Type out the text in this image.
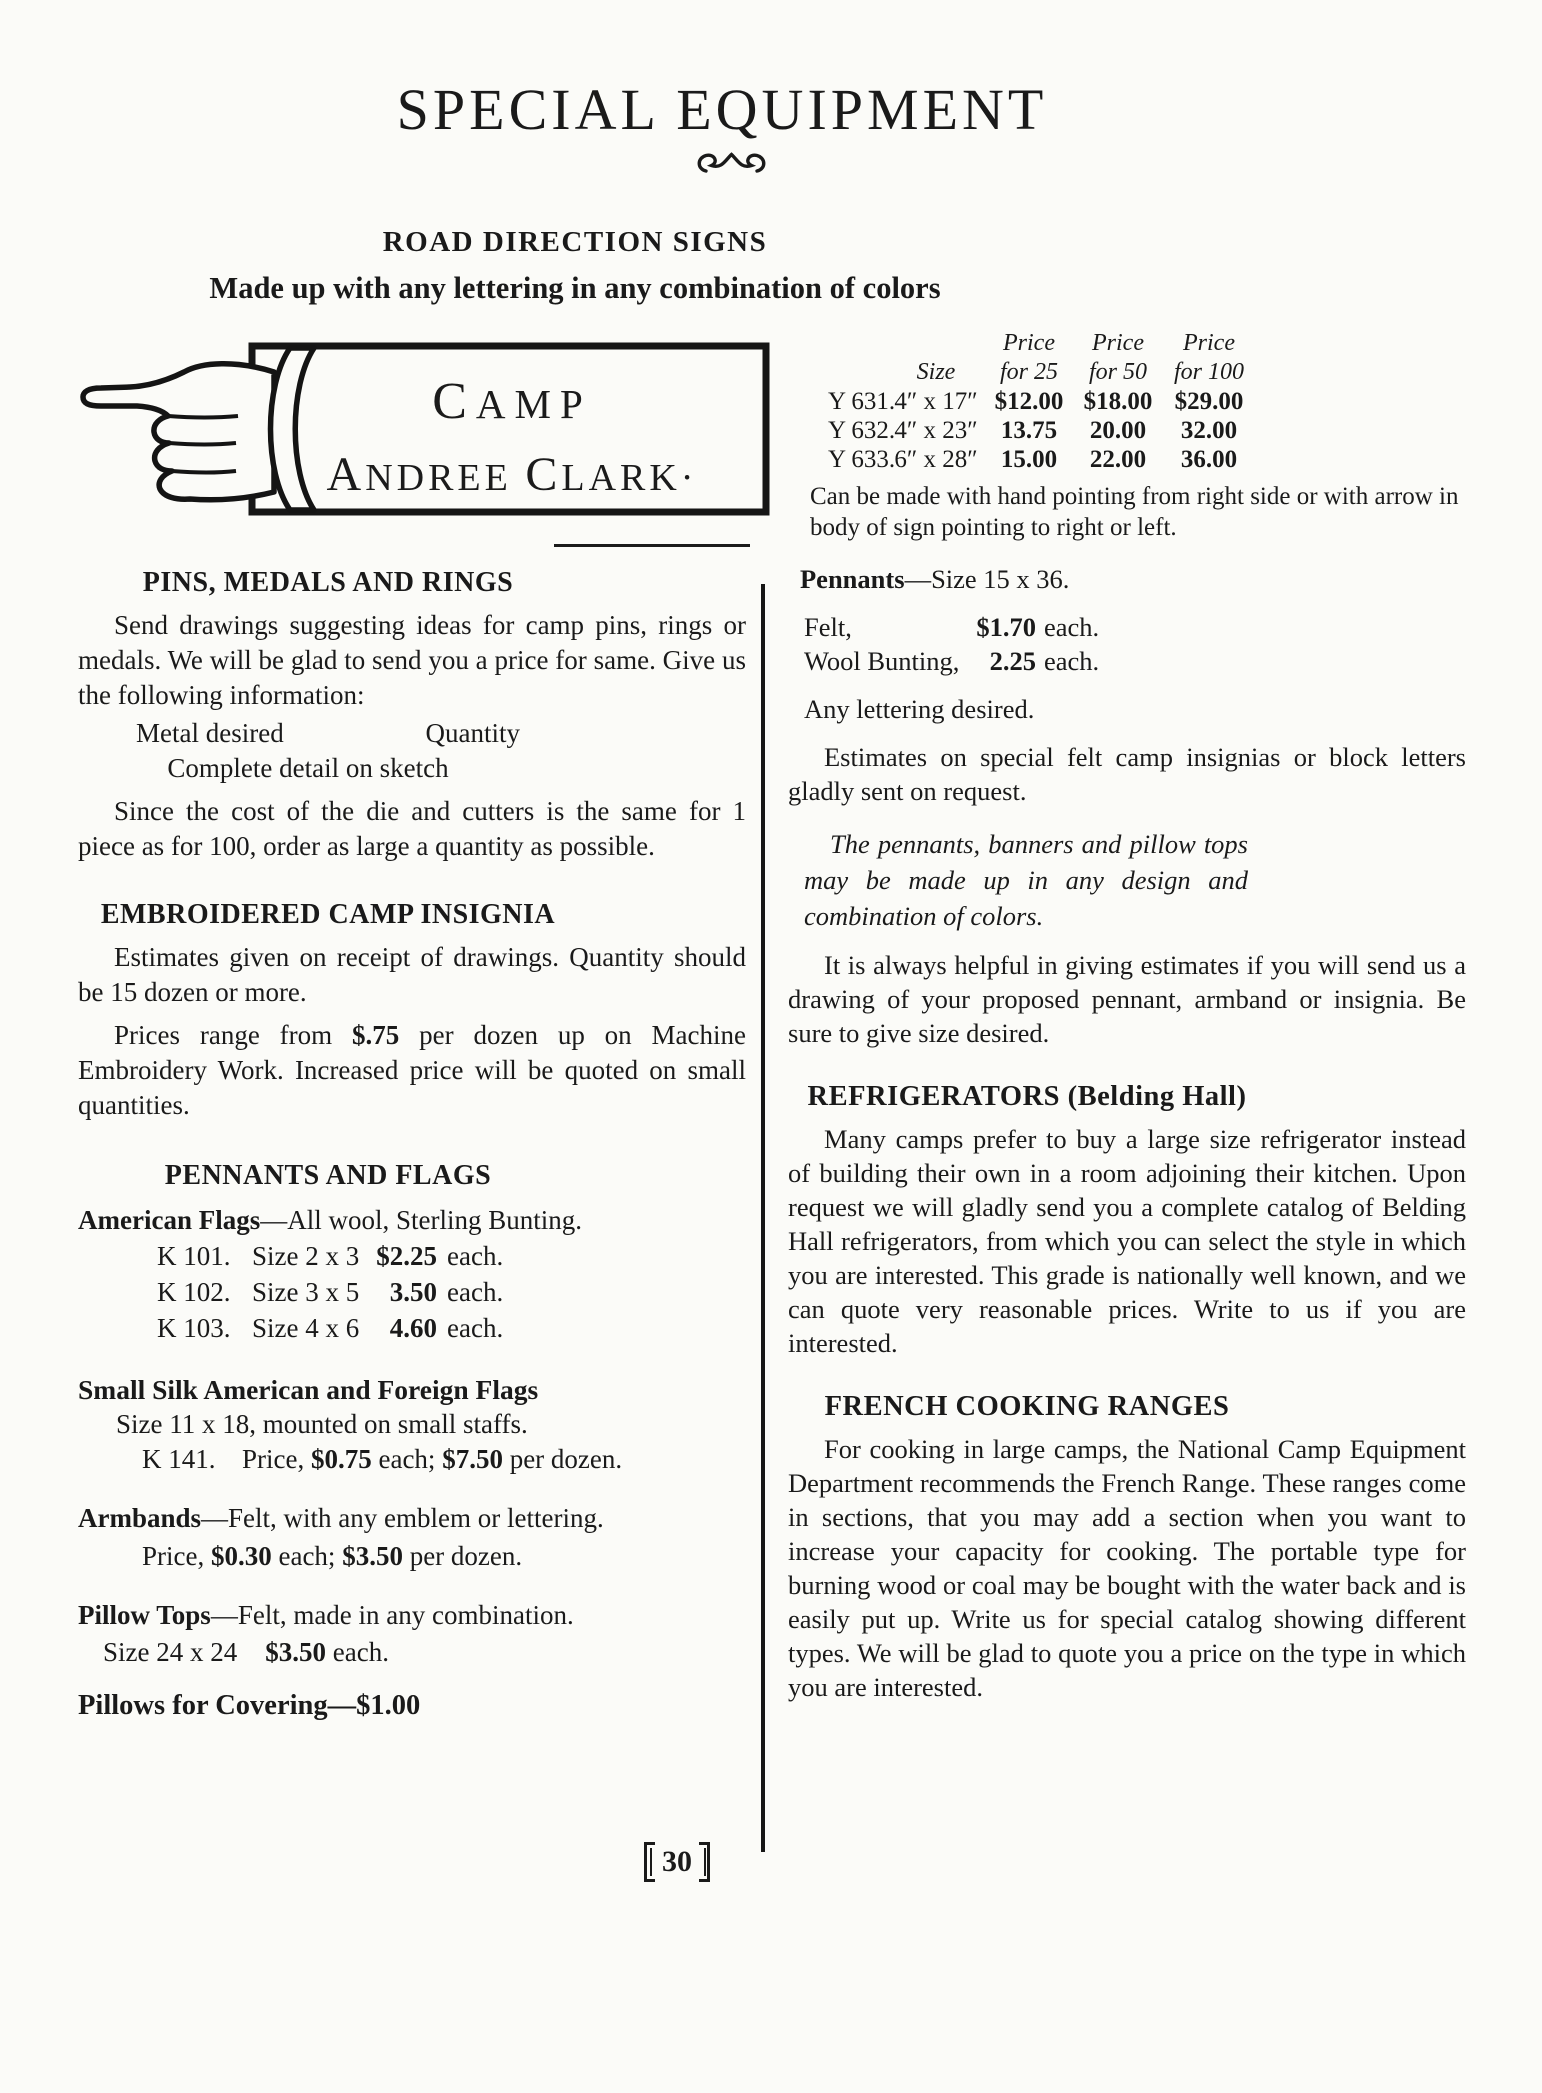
SPECIAL EQUIPMENT
ROAD DIRECTION SIGNS
Made up with any lettering in any combination of colors
CAMP
ANDREE CLARK·
Price	Price	Price
Size	for 25	for 50	for 100
Y 631. 4″ x 17″ $12.00 $18.00 $29.00
Y 632. 4″ x 23″ 13.75	20.00	32.00
Y 633. 6″ x 28″ 15.00	22.00	36.00

Can be made with hand pointing from right side or with arrow in body of sign pointing to right or left.

PINS, MEDALS AND RINGS

Send drawings suggesting ideas for camp pins, rings or medals. We will be glad to send you a price for same. Give us the following information:

Metal desired	Quantity
Complete detail on sketch

Since the cost of the die and cutters is the same for 1 piece as for 100, order as large a quantity as possible.

EMBROIDERED CAMP INSIGNIA

Estimates given on receipt of drawings. Quantity should be 15 dozen or more.

Prices range from $.75 per dozen up on Machine Embroidery Work. Increased price will be quoted on small quantities.

PENNANTS AND FLAGS

American Flags—All wool, Sterling Bunting.

K 101. Size 2 x 3 $2.25 each.
K 102. Size 3 x 5	3.50 each.
K 103. Size 4 x 6	4.60 each.
Small Silk American and Foreign Flags

Size 11 x 18, mounted on small staffs.

K 141. Price, $0.75 each; $7.50 per dozen.

Armbands—Felt, with any emblem or lettering.

Price, $0.30 each; $3.50 per dozen.

Pillow Tops—Felt, made in any combination.

Size 24 x 24 $3.50 each.

Pillows for Covering—$1.00

Pennants—Size 15 x 36.

Felt,	$1.70 each.
Wool Bunting,	2.25 each.

Any lettering desired.

Estimates on special felt camp insignias or block letters gladly sent on request.

The pennants, banners and pillow tops may be made up in any design and combination of colors.

It is always helpful in giving estimates if you will send us a drawing of your proposed pennant, armband or insignia. Be sure to give size desired.

REFRIGERATORS (Belding Hall)

Many camps prefer to buy a large size refrigerator instead of building their own in a room adjoining their kitchen. Upon request we will gladly send you a complete catalog of Belding Hall refrigerators, from which you can select the style in which you are interested. This grade is nationally well known, and we can quote very reasonable prices. Write to us if you are interested.

FRENCH COOKING RANGES

For cooking in large camps, the National Camp Equipment Department recommends the French Range. These ranges come in sections, that you may add a section when you want to increase your capacity for cooking. The portable type for burning wood or coal may be bought with the water back and is easily put up. Write us for special catalog showing different types. We will be glad to quote you a price on the type in which you are interested.

30
